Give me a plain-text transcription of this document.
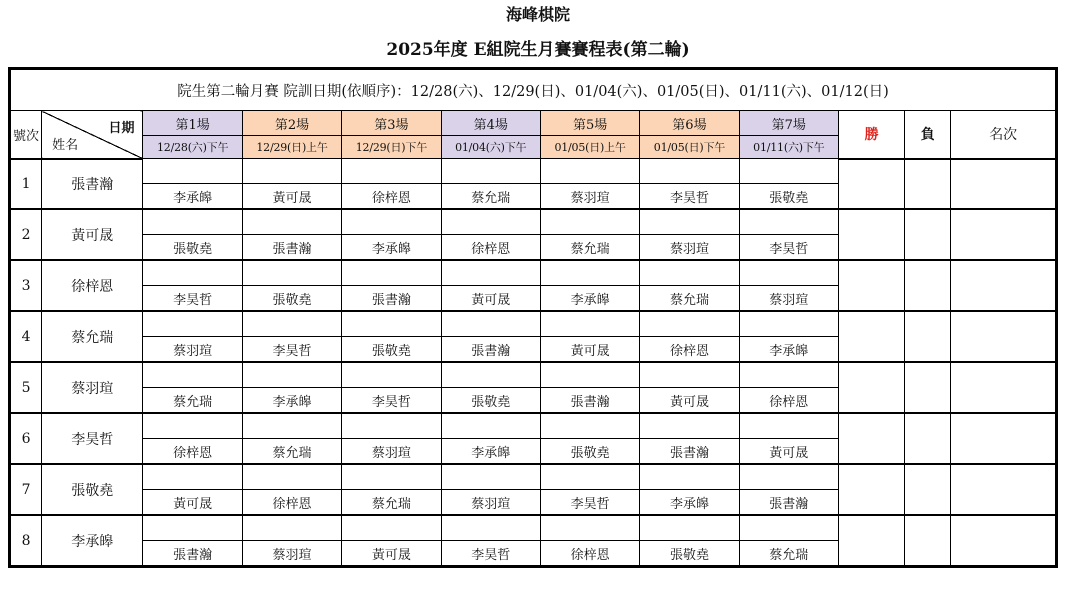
海峰棋院
2025年度 E組院生月賽賽程表(第二輪)
院生第二輪月賽 院訓日期(依順序)：12/28(六)、12/29(日)、01/04(六)、01/05(日)、01/11(六)、01/12(日)											
號次	日期
姓名	第1場	第2場	第3場	第4場	第5場	第6場	第7場	勝	負	名次
		12/28(六)下午	12/29(日)上午	12/29(日)下午	01/04(六)下午	01/05(日)上午	01/05(日)下午	01/11(六)下午			
1	張書瀚										
		李承皞	黃可晟	徐梓恩	蔡允瑞	蔡羽瑄	李昊哲	張敬堯			
2	黃可晟										
		張敬堯	張書瀚	李承皞	徐梓恩	蔡允瑞	蔡羽瑄	李昊哲			
3	徐梓恩										
		李昊哲	張敬堯	張書瀚	黃可晟	李承皞	蔡允瑞	蔡羽瑄			
4	蔡允瑞										
		蔡羽瑄	李昊哲	張敬堯	張書瀚	黃可晟	徐梓恩	李承皞			
5	蔡羽瑄										
		蔡允瑞	李承皞	李昊哲	張敬堯	張書瀚	黃可晟	徐梓恩			
6	李昊哲										
		徐梓恩	蔡允瑞	蔡羽瑄	李承皞	張敬堯	張書瀚	黃可晟			
7	張敬堯										
		黃可晟	徐梓恩	蔡允瑞	蔡羽瑄	李昊哲	李承皞	張書瀚			
8	李承皞										
		張書瀚	蔡羽瑄	黃可晟	李昊哲	徐梓恩	張敬堯	蔡允瑞			
